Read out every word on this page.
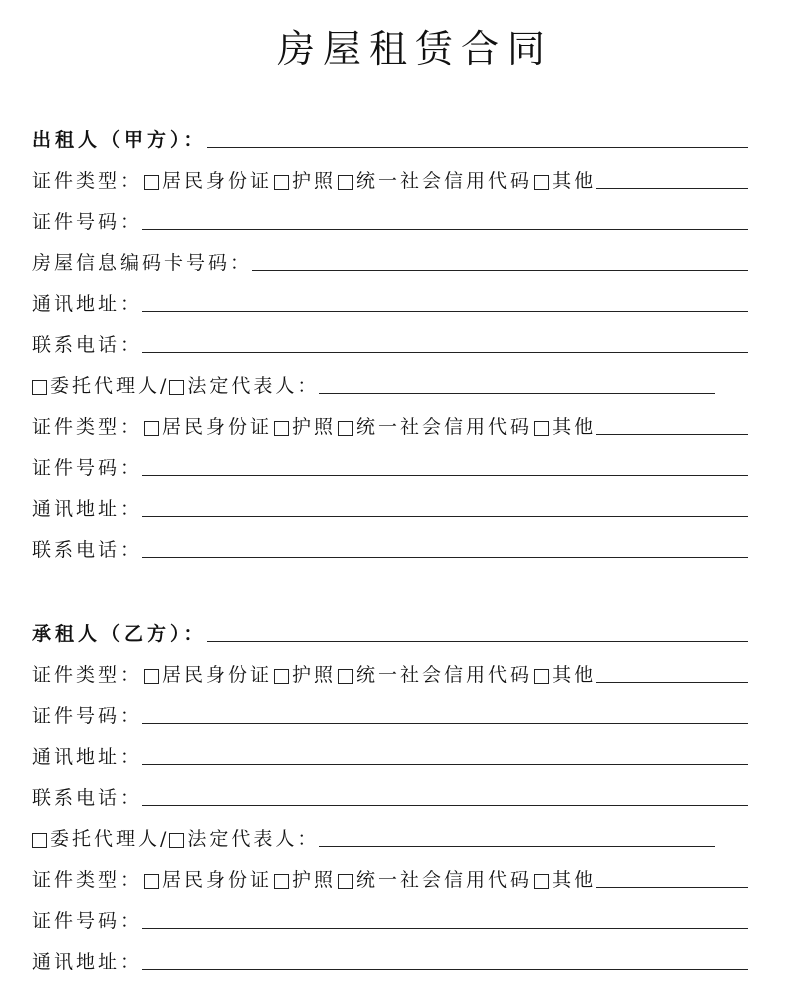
房屋租赁合同
出租人（甲方）：
证件类型： 居民身份证 护照 统一社会信用代码 其他
证件号码：
房屋信息编码卡号码：
通讯地址：
联系电话：
委托代理人/ 法定代表人：
证件类型： 居民身份证 护照 统一社会信用代码 其他
证件号码：
通讯地址：
联系电话：
承租人（乙方）：
证件类型： 居民身份证 护照 统一社会信用代码 其他
证件号码：
通讯地址：
联系电话：
委托代理人/ 法定代表人：
证件类型： 居民身份证 护照 统一社会信用代码 其他
证件号码：
通讯地址：
